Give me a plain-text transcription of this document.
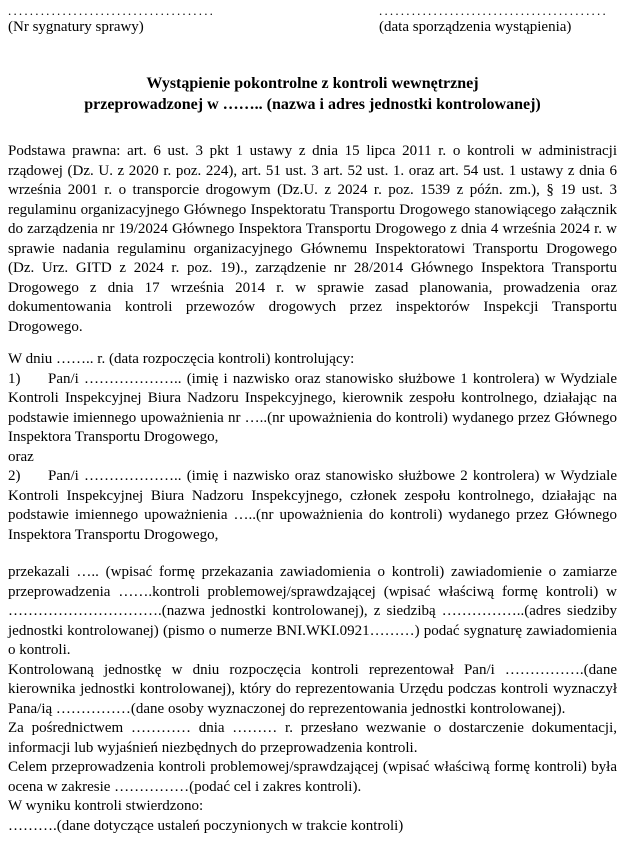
......................................
(Nr sygnatury sprawy)
..........................................
(data sporządzenia wystąpienia)
Wystąpienie pokontrolne z kontroli wewnętrznej
przeprowadzonej w …….. (nazwa i adres jednostki kontrolowanej)

Podstawa prawna: art. 6 ust. 3 pkt 1 ustawy z dnia 15 lipca 2011 r. o kontroli w administracji rządowej (Dz. U. z 2020 r. poz. 224), art. 51 ust. 3 art. 52 ust. 1. oraz art. 54 ust. 1 ustawy z dnia 6 września 2001 r. o transporcie drogowym (Dz.U. z 2024 r. poz. 1539 z późn. zm.), § 19 ust. 3 regulaminu organizacyjnego Głównego Inspektoratu Transportu Drogowego stanowiącego załącznik do zarządzenia nr 19/2024 Głównego Inspektora Transportu Drogowego z dnia 4 września 2024 r. w sprawie nadania regulaminu organizacyjnego Głównemu Inspektoratowi Transportu Drogowego (Dz. Urz. GITD z 2024 r. poz. 19)., zarządzenie nr 28/2014 Głównego Inspektora Transportu Drogowego z dnia 17 września 2014 r. w sprawie zasad planowania, prowadzenia oraz dokumentowania kontroli przewozów drogowych przez inspektorów Inspekcji Transportu Drogowego.

W dniu …….. r. (data rozpoczęcia kontroli) kontrolujący:

1) Pan/i ……………….. (imię i nazwisko oraz stanowisko służbowe 1 kontrolera) w Wydziale Kontroli Inspekcyjnej Biura Nadzoru Inspekcyjnego, kierownik zespołu kontrolnego, działając na podstawie imiennego upoważnienia nr …..(nr upoważnienia do kontroli) wydanego przez Głównego Inspektora Transportu Drogowego,

oraz

2) Pan/i ……………….. (imię i nazwisko oraz stanowisko służbowe 2 kontrolera) w Wydziale Kontroli Inspekcyjnej Biura Nadzoru Inspekcyjnego, członek zespołu kontrolnego, działając na podstawie imiennego upoważnienia …..(nr upoważnienia do kontroli) wydanego przez Głównego Inspektora Transportu Drogowego,

przekazali ….. (wpisać formę przekazania zawiadomienia o kontroli) zawiadomienie o zamiarze przeprowadzenia …….kontroli problemowej/sprawdzającej (wpisać właściwą formę kontroli) w ………………………….(nazwa jednostki kontrolowanej), z siedzibą ……………..(adres siedziby jednostki kontrolowanej) (pismo o numerze BNI.WKI.0921………) podać sygnaturę zawiadomienia o kontroli.

Kontrolowaną jednostkę w dniu rozpoczęcia kontroli reprezentował Pan/i …………….(dane kierownika jednostki kontrolowanej), który do reprezentowania Urzędu podczas kontroli wyznaczył Pana/ią ……………(dane osoby wyznaczonej do reprezentowania jednostki kontrolowanej).

Za pośrednictwem ………… dnia ……… r. przesłano wezwanie o dostarczenie dokumentacji, informacji lub wyjaśnień niezbędnych do przeprowadzenia kontroli.

Celem przeprowadzenia kontroli problemowej/sprawdzającej (wpisać właściwą formę kontroli) była ocena w zakresie ……………(podać cel i zakres kontroli).

W wyniku kontroli stwierdzono:

……….(dane dotyczące ustaleń poczynionych w trakcie kontroli)
